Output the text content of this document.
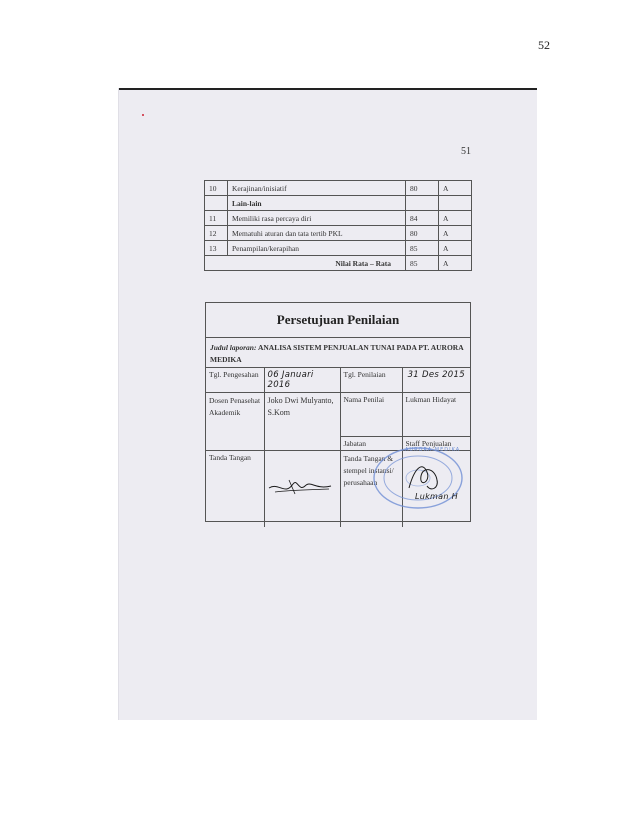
52
51
10	Kerajinan/inisiatif	80	A
	Lain-lain		
11	Memiliki rasa percaya diri	84	A
12	Mematuhi aturan dan tata tertib PKL	80	A
13	Penampilan/kerapihan	85	A
Nilai Rata – Rata		85	A
Persetujuan Penilaian
Judul laporan: ANALISA SISTEM PENJUALAN TUNAI PADA PT. AURORA MEDIKA
Tgl. Pengesahan	06 Januari 2016	Tgl. Penilaian	31 Des 2015
Dosen Penasehat Akademik	Joko Dwi Mulyanto, S.Kom	Nama Penilai	Lukman Hidayat
		Jabatan	Staff Penjualan
Tanda Tangan		Tanda Tangan & stempel instansi/ perusahaan	
AURORA MEDIKA
Lukman H
